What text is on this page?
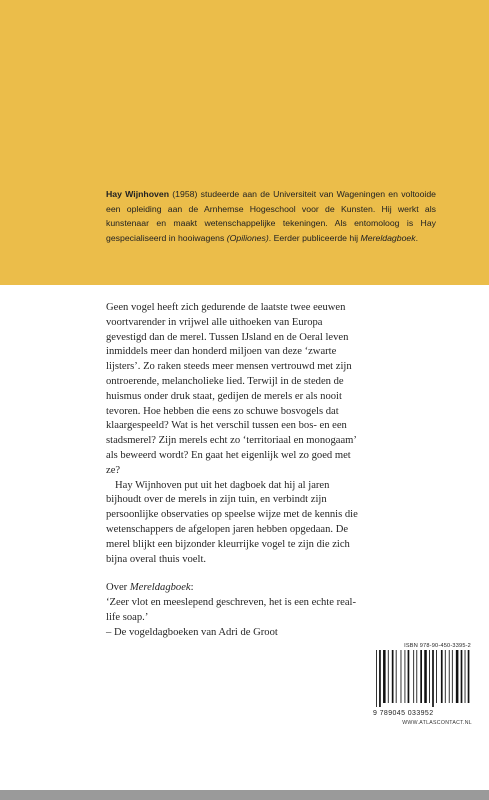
Hay Wijnhoven (1958) studeerde aan de Universiteit van Wageningen en voltooide een opleiding aan de Arnhemse Hogeschool voor de Kunsten. Hij werkt als kunstenaar en maakt wetenschappelijke tekeningen. Als entomoloog is Hay gespecialiseerd in hooiwagens (Opiliones). Eerder publiceerde hij Mereldagboek.

Geen vogel heeft zich gedurende de laatste twee eeuwen voortvarender in vrijwel alle uithoeken van Europa gevestigd dan de merel. Tussen IJsland en de Oeral leven inmiddels meer dan honderd miljoen van deze ‘zwarte lijsters’. Zo raken steeds meer mensen vertrouwd met zijn ontroerende, melancholieke lied. Terwijl in de steden de huismus onder druk staat, gedijen de merels er als nooit tevoren. Hoe hebben die eens zo schuwe bosvogels dat klaargespeeld? Wat is het verschil tussen een bos- en een stadsmerel? Zijn merels echt zo ‘territoriaal en monogaam’ als beweerd wordt? En gaat het eigenlijk wel zo goed met ze?

Hay Wijnhoven put uit het dagboek dat hij al jaren bijhoudt over de merels in zijn tuin, en verbindt zijn persoonlijke observaties op speelse wijze met de kennis die wetenschappers de afgelopen jaren hebben opgedaan. De merel blijkt een bijzonder kleurrijke vogel te zijn die zich bijna overal thuis voelt.

Over Mereldagboek:
‘Zeer vlot en meeslepend geschreven, het is een echte real-life soap.’
– De vogeldagboeken van Adri de Groot

ISBN 978-90-450-3395-2
9 789045 033952
WWW.ATLASCONTACT.NL
